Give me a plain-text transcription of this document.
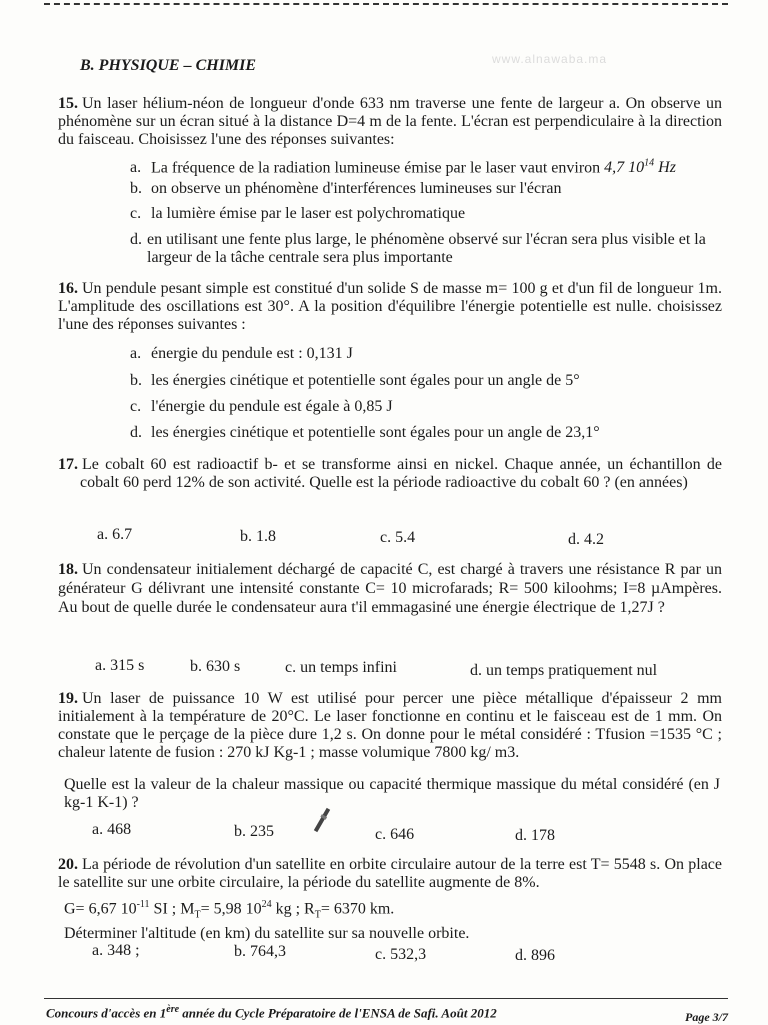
B. PHYSIQUE – CHIMIE	www.alnawaba.ma

15. Un laser hélium-néon de longueur d'onde 633 nm traverse une fente de largeur a. On observe un phénomène sur un écran situé à la distance D=4 m de la fente. L'écran est perpendiculaire à la direction du faisceau. Choisissez l'une des réponses suivantes:

a. La fréquence de la radiation lumineuse émise par le laser vaut environ 4,7 $10^{14}$ Hz
b. on observe un phénomène d'interférences lumineuses sur l'écran
c. la lumière émise par le laser est polychromatique
d. en utilisant une fente plus large, le phénomène observé sur l'écran sera plus visible et la largeur de la tâche centrale sera plus importante

16. Un pendule pesant simple est constitué d'un solide S de masse m= 100 g et d'un fil de longueur 1m. L'amplitude des oscillations est 30°. A la position d'équilibre l'énergie potentielle est nulle. choisissez l'une des réponses suivantes :

a. énergie du pendule est : 0,131 J
b. les énergies cinétique et potentielle sont égales pour un angle de 5°
c. l'énergie du pendule est égale à 0,85 J
d. les énergies cinétique et potentielle sont égales pour un angle de 23,1°

17. Le cobalt 60 est radioactif b- et se transforme ainsi en nickel. Chaque année, un échantillon de cobalt 60 perd 12% de son activité. Quelle est la période radioactive du cobalt 60 ? (en années)

a. 6.7	b. 1.8	c. 5.4	d. 4.2

18. Un condensateur initialement déchargé de capacité C, est chargé à travers une résistance R par un générateur G délivrant une intensité constante C= 10 microfarads; R= 500 kiloohms; I=8 µAmpères. Au bout de quelle durée le condensateur aura t'il emmagasiné une énergie électrique de 1,27J ?

a. 315 s	b. 630 s	c. un temps infini	d. un temps pratiquement nul

19. Un laser de puissance 10 W est utilisé pour percer une pièce métallique d'épaisseur 2 mm initialement à la température de 20°C. Le laser fonctionne en continu et le faisceau est de 1 mm. On constate que le perçage de la pièce dure 1,2 s. On donne pour le métal considéré : Tfusion =1535 °C ; chaleur latente de fusion : 270 kJ Kg-1 ; masse volumique 7800 kg/ m3.

Quelle est la valeur de la chaleur massique ou capacité thermique massique du métal considéré (en J kg-1 K-1) ?

a. 468	b. 235	c. 646	d. 178

20. La période de révolution d'un satellite en orbite circulaire autour de la terre est T= 5548 s. On place le satellite sur une orbite circulaire, la période du satellite augmente de 8%.

G= 6,67 $10^{-11}$ SI ; $M_T= 5,98$ $10^{24}$ kg ; $R_T= 6370$ km.

Déterminer l'altitude (en km) du satellite sur sa nouvelle orbite.

a. 348 ;	b. 764,3	c. 532,3	d. 896
Concours d'accès en 1ère année du Cycle Préparatoire de l'ENSA de Safi. Août 2012	Page 3/7
